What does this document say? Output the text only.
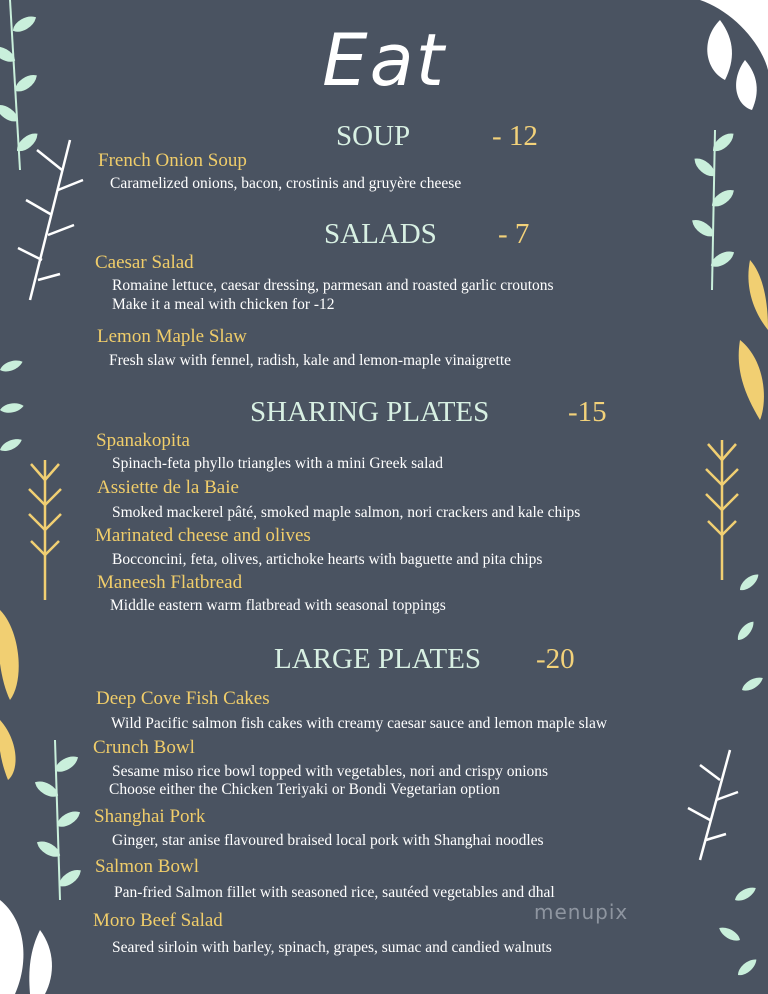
Eat
SOUP	- 12
French Onion Soup
Caramelized onions, bacon, crostinis and gruyère cheese
SALADS - 7
Caesar Salad
Romaine lettuce, caesar dressing, parmesan and roasted garlic croutons
Make it a meal with chicken for -12
Lemon Maple Slaw
Fresh slaw with fennel, radish, kale and lemon-maple vinaigrette
SHARING PLATES	-15
Spanakopita
Spinach-feta phyllo triangles with a mini Greek salad
Assiette de la Baie
Smoked mackerel pâté, smoked maple salmon, nori crackers and kale chips
Marinated cheese and olives
Bocconcini, feta, olives, artichoke hearts with baguette and pita chips
Maneesh Flatbread
Middle eastern warm flatbread with seasonal toppings
LARGE PLATES -20
Deep Cove Fish Cakes
Wild Pacific salmon fish cakes with creamy caesar sauce and lemon maple slaw
Crunch Bowl
Sesame miso rice bowl topped with vegetables, nori and crispy onions
Choose either the Chicken Teriyaki or Bondi Vegetarian option
Shanghai Pork
Ginger, star anise flavoured braised local pork with Shanghai noodles
Salmon Bowl
Pan-fried Salmon fillet with seasoned rice, sautéed vegetables and dhal
Moro Beef Salad
Seared sirloin with barley, spinach, grapes, sumac and candied walnuts
menupix
